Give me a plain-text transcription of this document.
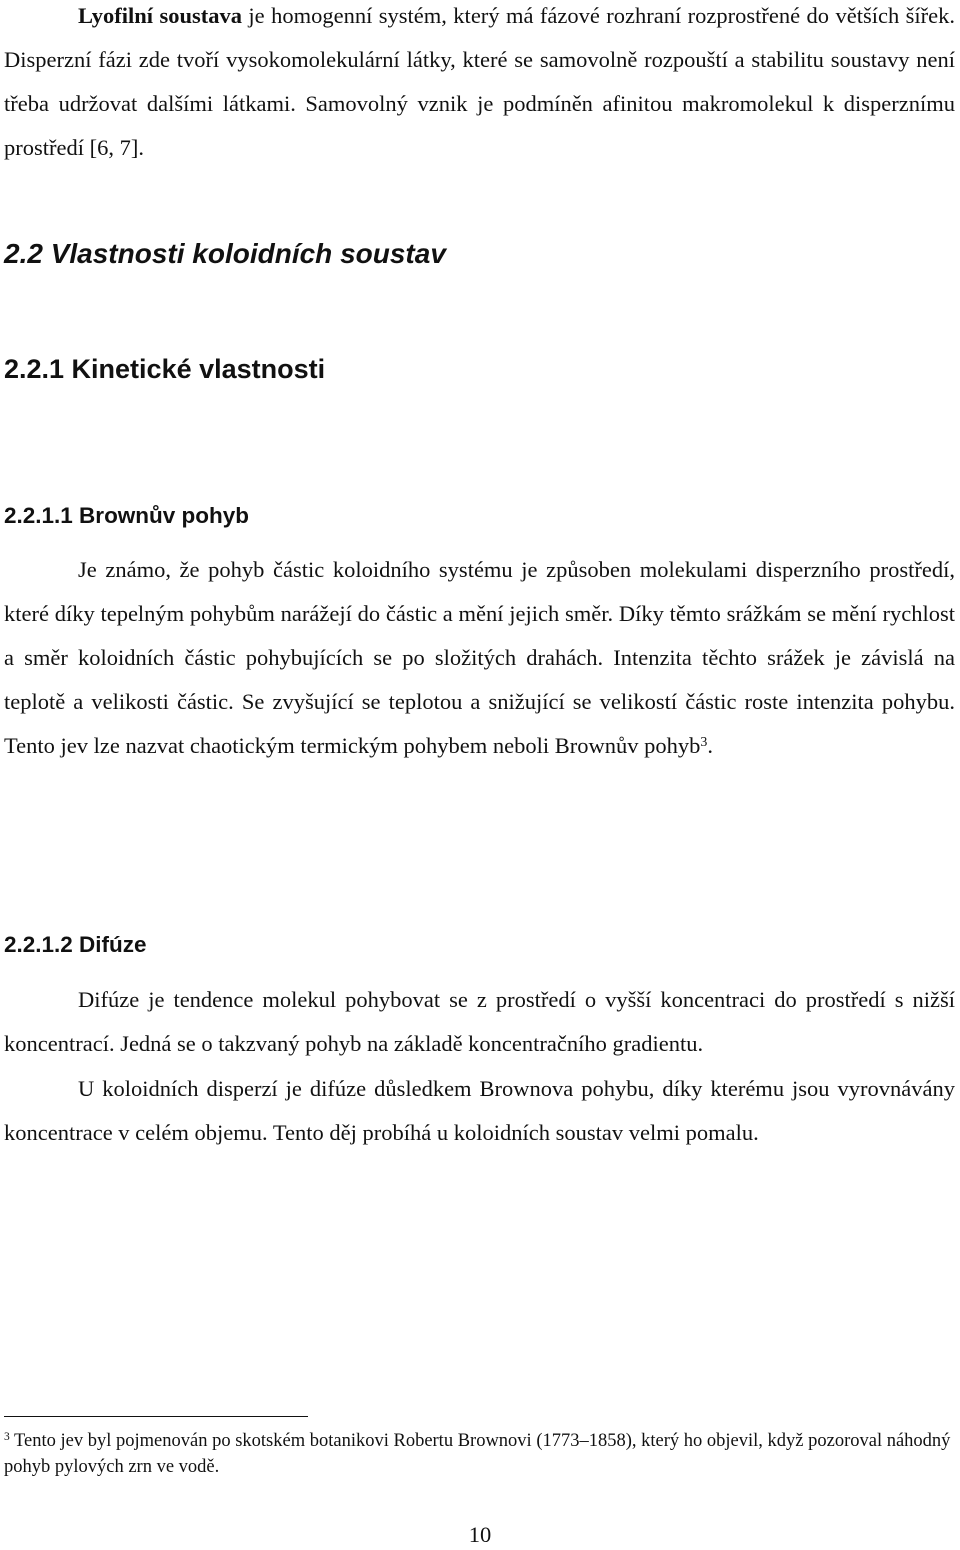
Lyofilní soustava je homogenní systém, který má fázové rozhraní rozprostřené do větších šířek. Disperzní fázi zde tvoří vysokomolekulární látky, které se samovolně rozpouští a stabilitu soustavy není třeba udržovat dalšími látkami. Samovolný vznik je podmíněn afinitou makromolekul k disperznímu prostředí [6, 7].

2.2 Vlastnosti koloidních soustav
2.2.1 Kinetické vlastnosti
2.2.1.1 Brownův pohyb

Je známo, že pohyb částic koloidního systému je způsoben molekulami disperzního prostředí, které díky tepelným pohybům narážejí do částic a mění jejich směr. Díky těmto srážkám se mění rychlost a směr koloidních částic pohybujících se po složitých drahách. Intenzita těchto srážek je závislá na teplotě a velikosti částic. Se zvyšující se teplotou a snižující se velikostí částic roste intenzita pohybu. Tento jev lze nazvat chaotickým termickým pohybem neboli Brownův pohyb$^3$.

2.2.1.2 Difúze

Difúze je tendence molekul pohybovat se z prostředí o vyšší koncentraci do prostředí s nižší koncentrací. Jedná se o takzvaný pohyb na základě koncentračního gradientu.

U koloidních disperzí je difúze důsledkem Brownova pohybu, díky kterému jsou vyrovnávány koncentrace v celém objemu. Tento děj probíhá u koloidních soustav velmi pomalu.

$^3$ Tento jev byl pojmenován po skotském botanikovi Robertu Brownovi (1773–1858), který ho objevil, když pozoroval náhodný pohyb pylových zrn ve vodě.

10
